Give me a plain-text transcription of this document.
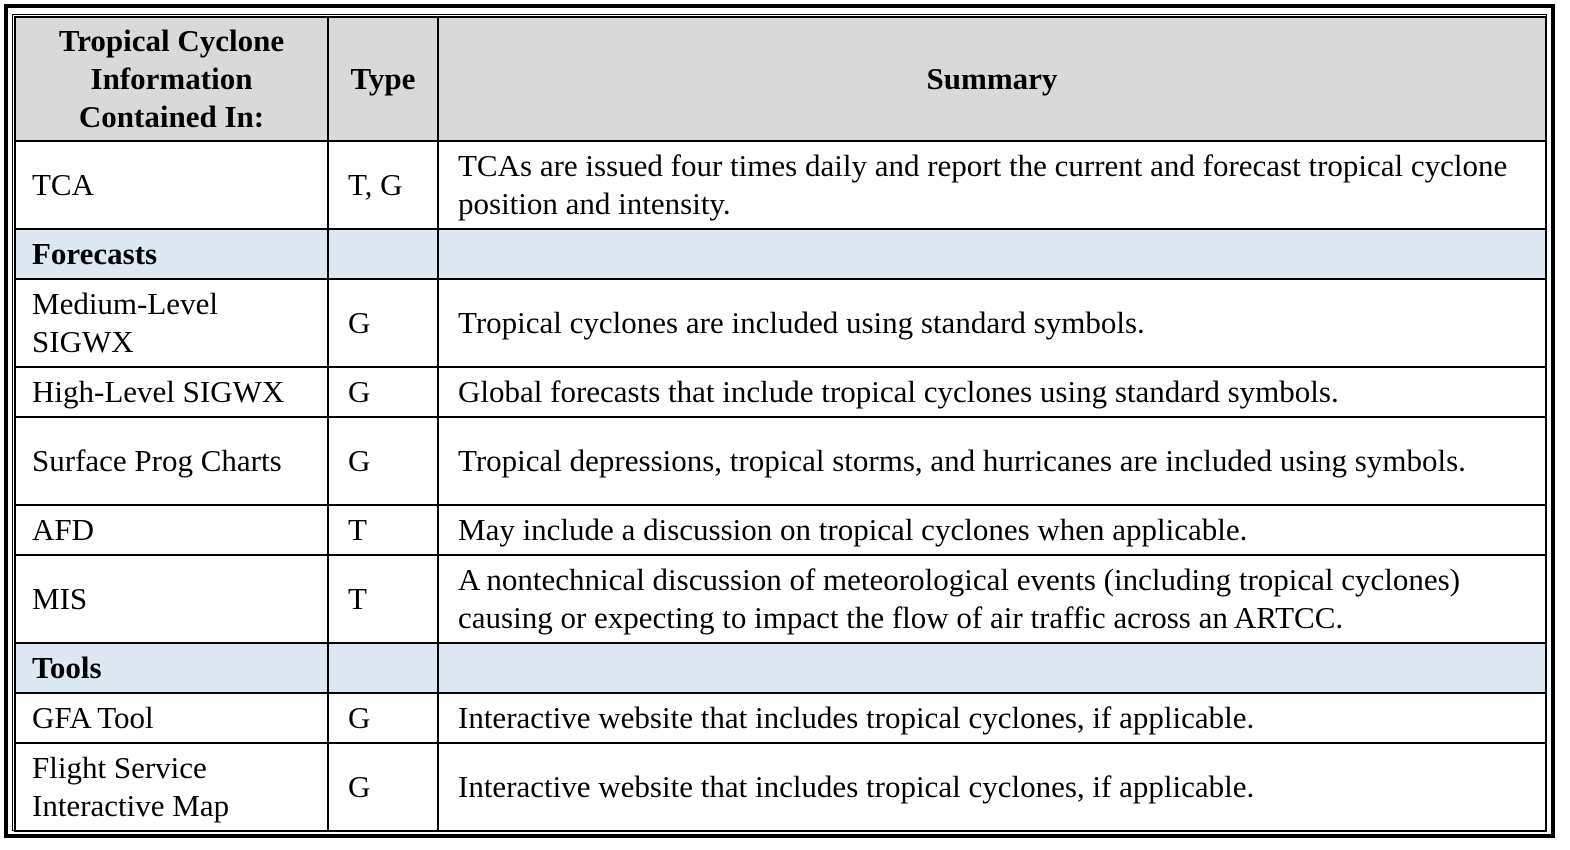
Tropical Cyclone Information Contained In:	Type	Summary
TCA	T, G	TCAs are issued four times daily and report the current and forecast tropical cyclone position and intensity.
Forecasts		
Medium-Level SIGWX	G	Tropical cyclones are included using standard symbols.
High-Level SIGWX	G	Global forecasts that include tropical cyclones using standard symbols.
Surface Prog Charts	G	Tropical depressions, tropical storms, and hurricanes are included using symbols.
AFD	T	May include a discussion on tropical cyclones when applicable.
MIS	T	A nontechnical discussion of meteorological events (including tropical cyclones) causing or expecting to impact the flow of air traffic across an ARTCC.
Tools		
GFA Tool	G	Interactive website that includes tropical cyclones, if applicable.
Flight Service Interactive Map	G	Interactive website that includes tropical cyclones, if applicable.
